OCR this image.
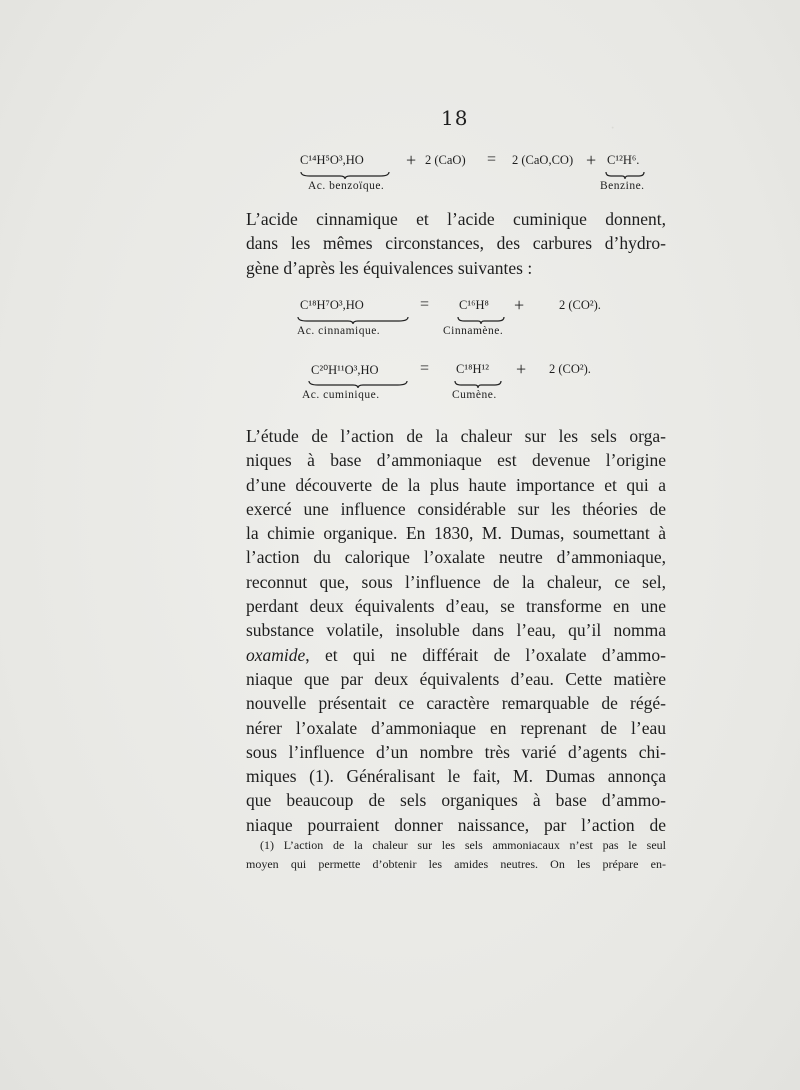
·
18
C¹⁴H⁵O³,HO + 2 (CaO) = 2 (CaO,CO) + C¹²H⁶.
Ac. benzoïque.	Benzine.
L’acide cinnamique et l’acide cuminique donnent,
dans les mêmes circonstances, des carbures d’hydro-
gène d’après les équivalences suivantes :
C¹⁸H⁷O³,HO	= C¹⁶H⁸ +	2 (CO²).
Ac. cinnamique.	Cinnamène.
C²⁰H¹¹O³,HO	= C¹⁸H¹² + 2 (CO²).
Ac. cuminique.	Cumène.
L’étude de l’action de la chaleur sur les sels orga-
niques à base d’ammoniaque est devenue l’origine
d’une découverte de la plus haute importance et qui a
exercé une influence considérable sur les théories de
la chimie organique. En 1830, M. Dumas, soumettant à
l’action du calorique l’oxalate neutre d’ammoniaque,
reconnut que, sous l’influence de la chaleur, ce sel,
perdant deux équivalents d’eau, se transforme en une
substance volatile, insoluble dans l’eau, qu’il nomma
oxamide, et qui ne différait de l’oxalate d’ammo-
niaque que par deux équivalents d’eau. Cette matière
nouvelle présentait ce caractère remarquable de régé-
nérer l’oxalate d’ammoniaque en reprenant de l’eau
sous l’influence d’un nombre très varié d’agents chi-
miques (1). Généralisant le fait, M. Dumas annonça
que beaucoup de sels organiques à base d’ammo-
niaque pourraient donner naissance, par l’action de
(1) L’action de la chaleur sur les sels ammoniacaux n’est pas le seul
moyen qui permette d’obtenir les amides neutres. On les prépare en-
